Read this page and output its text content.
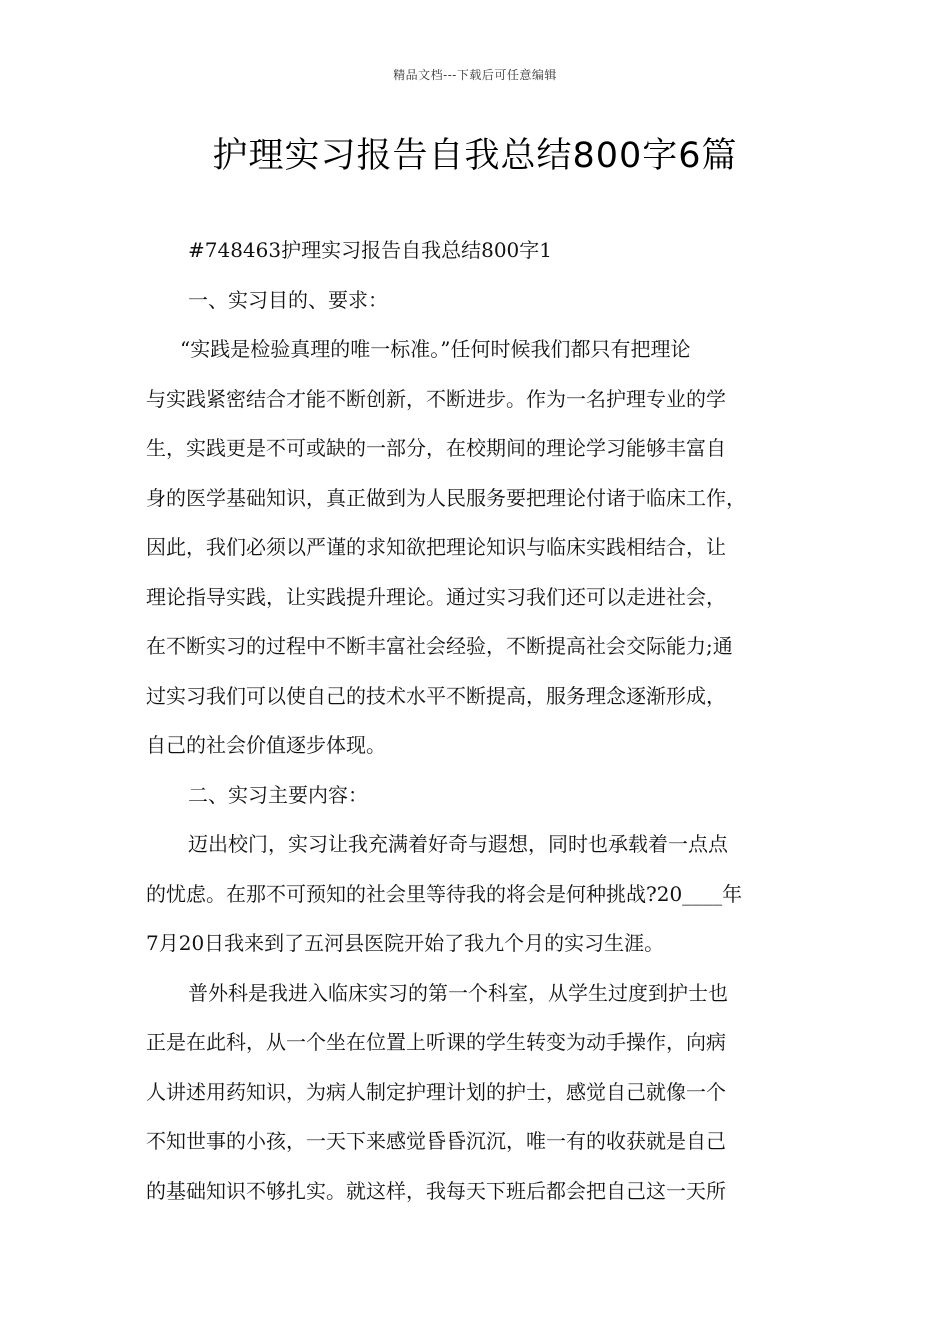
精品文档---下载后可任意编辑
护理实习报告自我总结800字6篇

#748463护理实习报告自我总结800字1

一、实习目的、要求：

“实践是检验真理的唯一标准。”任何时候我们都只有把理论

与实践紧密结合才能不断创新，不断进步。作为一名护理专业的学

生，实践更是不可或缺的一部分，在校期间的理论学习能够丰富自

身的医学基础知识，真正做到为人民服务要把理论付诸于临床工作，

因此，我们必须以严谨的求知欲把理论知识与临床实践相结合，让

理论指导实践，让实践提升理论。通过实习我们还可以走进社会，

在不断实习的过程中不断丰富社会经验，不断提高社会交际能力;通

过实习我们可以使自己的技术水平不断提高，服务理念逐渐形成，

自己的社会价值逐步体现。

二、实习主要内容：

迈出校门，实习让我充满着好奇与遐想，同时也承载着一点点

的忧虑。在那不可预知的社会里等待我的将会是何种挑战?20____年

7月20日我来到了五河县医院开始了我九个月的实习生涯。

普外科是我进入临床实习的第一个科室，从学生过度到护士也

正是在此科，从一个坐在位置上听课的学生转变为动手操作，向病

人讲述用药知识，为病人制定护理计划的护士，感觉自己就像一个

不知世事的小孩，一天下来感觉昏昏沉沉，唯一有的收获就是自己

的基础知识不够扎实。就这样，我每天下班后都会把自己这一天所
